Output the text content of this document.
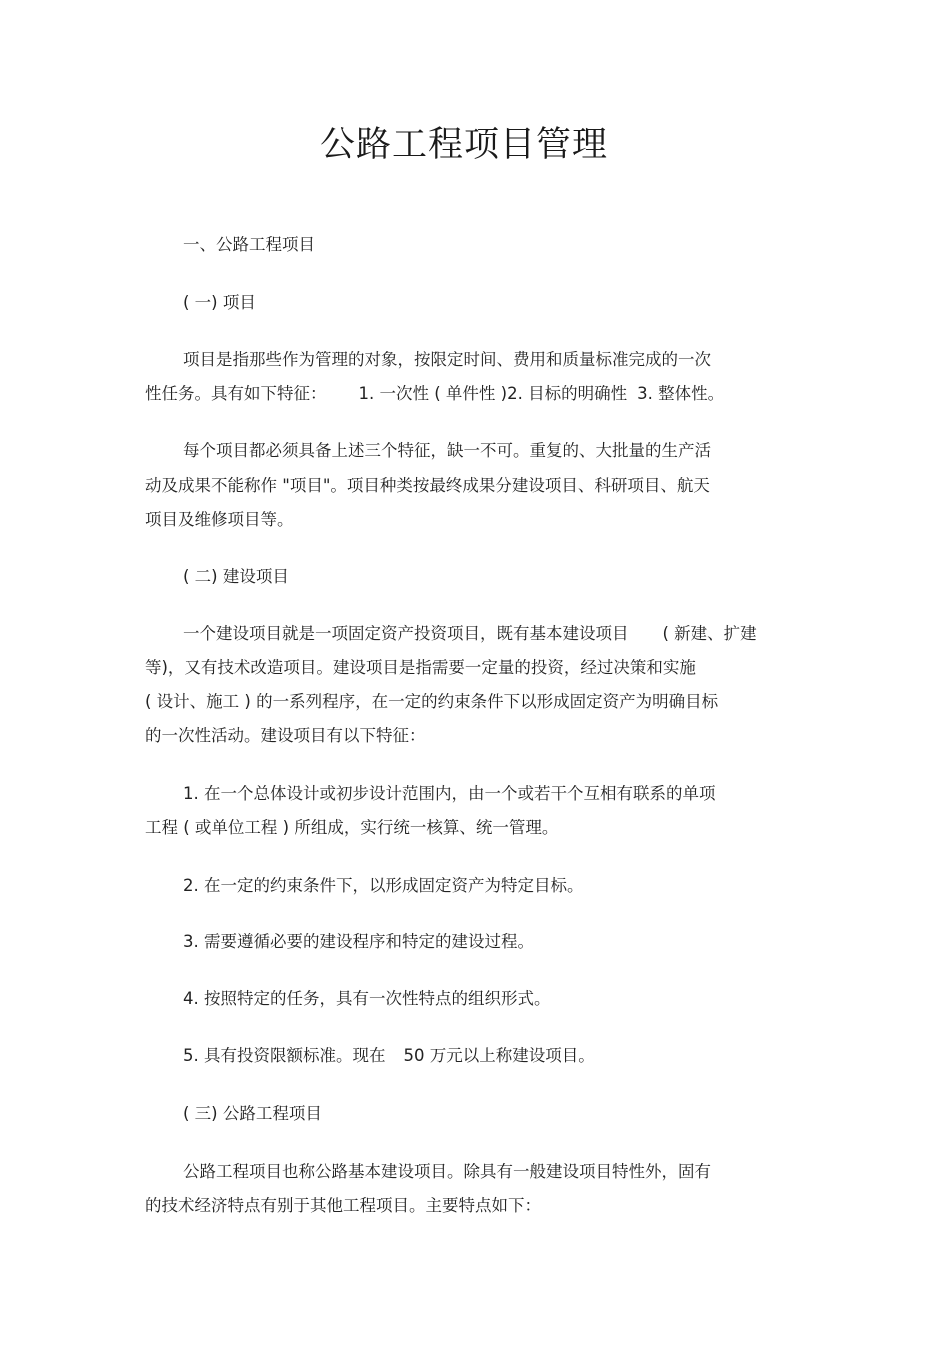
公路工程项目管理
一、公路工程项目
( 一) 项目
项目是指那些作为管理的对象，按限定时间、费用和质量标准完成的一次
性任务。具有如下特征： 1. 一次性 ( 单件性 )2. 目标的明确性 3. 整体性。
每个项目都必须具备上述三个特征，缺一不可。重复的、大批量的生产活
动及成果不能称作 "项目"。项目种类按最终成果分建设项目、科研项目、航天
项目及维修项目等。
( 二) 建设项目
一个建设项目就是一项固定资产投资项目，既有基本建设项目 ( 新建、扩建
等)，又有技术改造项目。建设项目是指需要一定量的投资，经过决策和实施
( 设计、施工 ) 的一系列程序，在一定的约束条件下以形成固定资产为明确目标
的一次性活动。建设项目有以下特征：
1. 在一个总体设计或初步设计范围内，由一个或若干个互相有联系的单项
工程 ( 或单位工程 ) 所组成，实行统一核算、统一管理。
2. 在一定的约束条件下，以形成固定资产为特定目标。
3. 需要遵循必要的建设程序和特定的建设过程。
4. 按照特定的任务，具有一次性特点的组织形式。
5. 具有投资限额标准。现在 50 万元以上称建设项目。
( 三) 公路工程项目
公路工程项目也称公路基本建设项目。除具有一般建设项目特性外，固有
的技术经济特点有别于其他工程项目。主要特点如下：
